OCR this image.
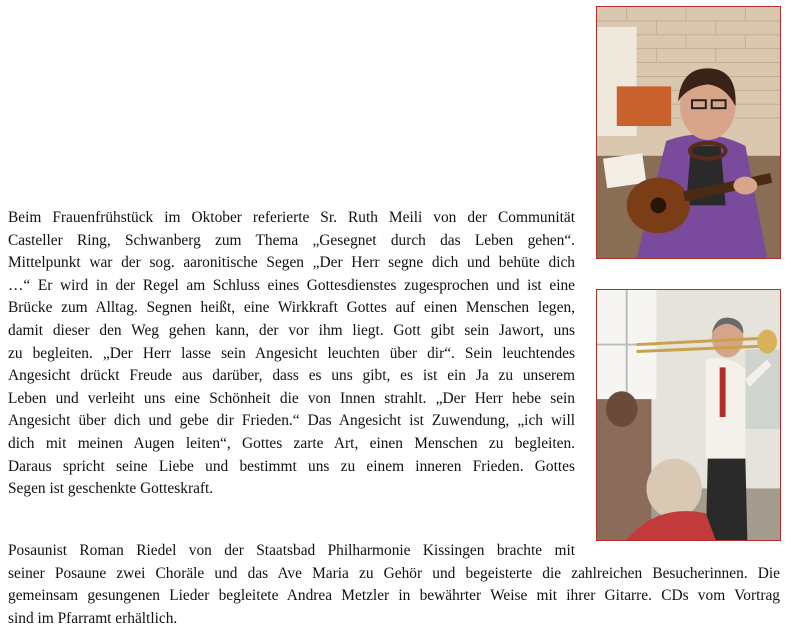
Beim Frauenfrühstück im Oktober referierte Sr. Ruth Meili von der Communität
Casteller Ring, Schwanberg zum Thema „Gesegnet durch das Leben gehen“.
Mittelpunkt war der sog. aaronitische Segen „Der Herr segne dich und behüte dich
…“ Er wird in der Regel am Schluss eines Gottesdienstes zugesprochen und ist eine
Brücke zum Alltag. Segnen heißt, eine Wirkkraft Gottes auf einen Menschen legen,
damit dieser den Weg gehen kann, der vor ihm liegt. Gott gibt sein Jawort, uns
zu begleiten. „Der Herr lasse sein Angesicht leuchten über dir“. Sein leuchtendes
Angesicht drückt Freude aus darüber, dass es uns gibt, es ist ein Ja zu unserem
Leben und verleiht uns eine Schönheit die von Innen strahlt. „Der Herr hebe sein
Angesicht über dich und gebe dir Frieden.“ Das Angesicht ist Zuwendung, „ich will
dich mit meinen Augen leiten“, Gottes zarte Art, einen Menschen zu begleiten.
Daraus spricht seine Liebe und bestimmt uns zu einem inneren Frieden. Gottes
Segen ist geschenkte Gotteskraft.
Posaunist Roman Riedel von der Staatsbad Philharmonie Kissingen brachte mit
seiner Posaune zwei Choräle und das Ave Maria zu Gehör und begeisterte die zahlreichen Besucherinnen. Die
gemeinsam gesungenen Lieder begleitete Andrea Metzler in bewährter Weise mit ihrer Gitarre. CDs vom Vortrag
sind im Pfarramt erhältlich.
